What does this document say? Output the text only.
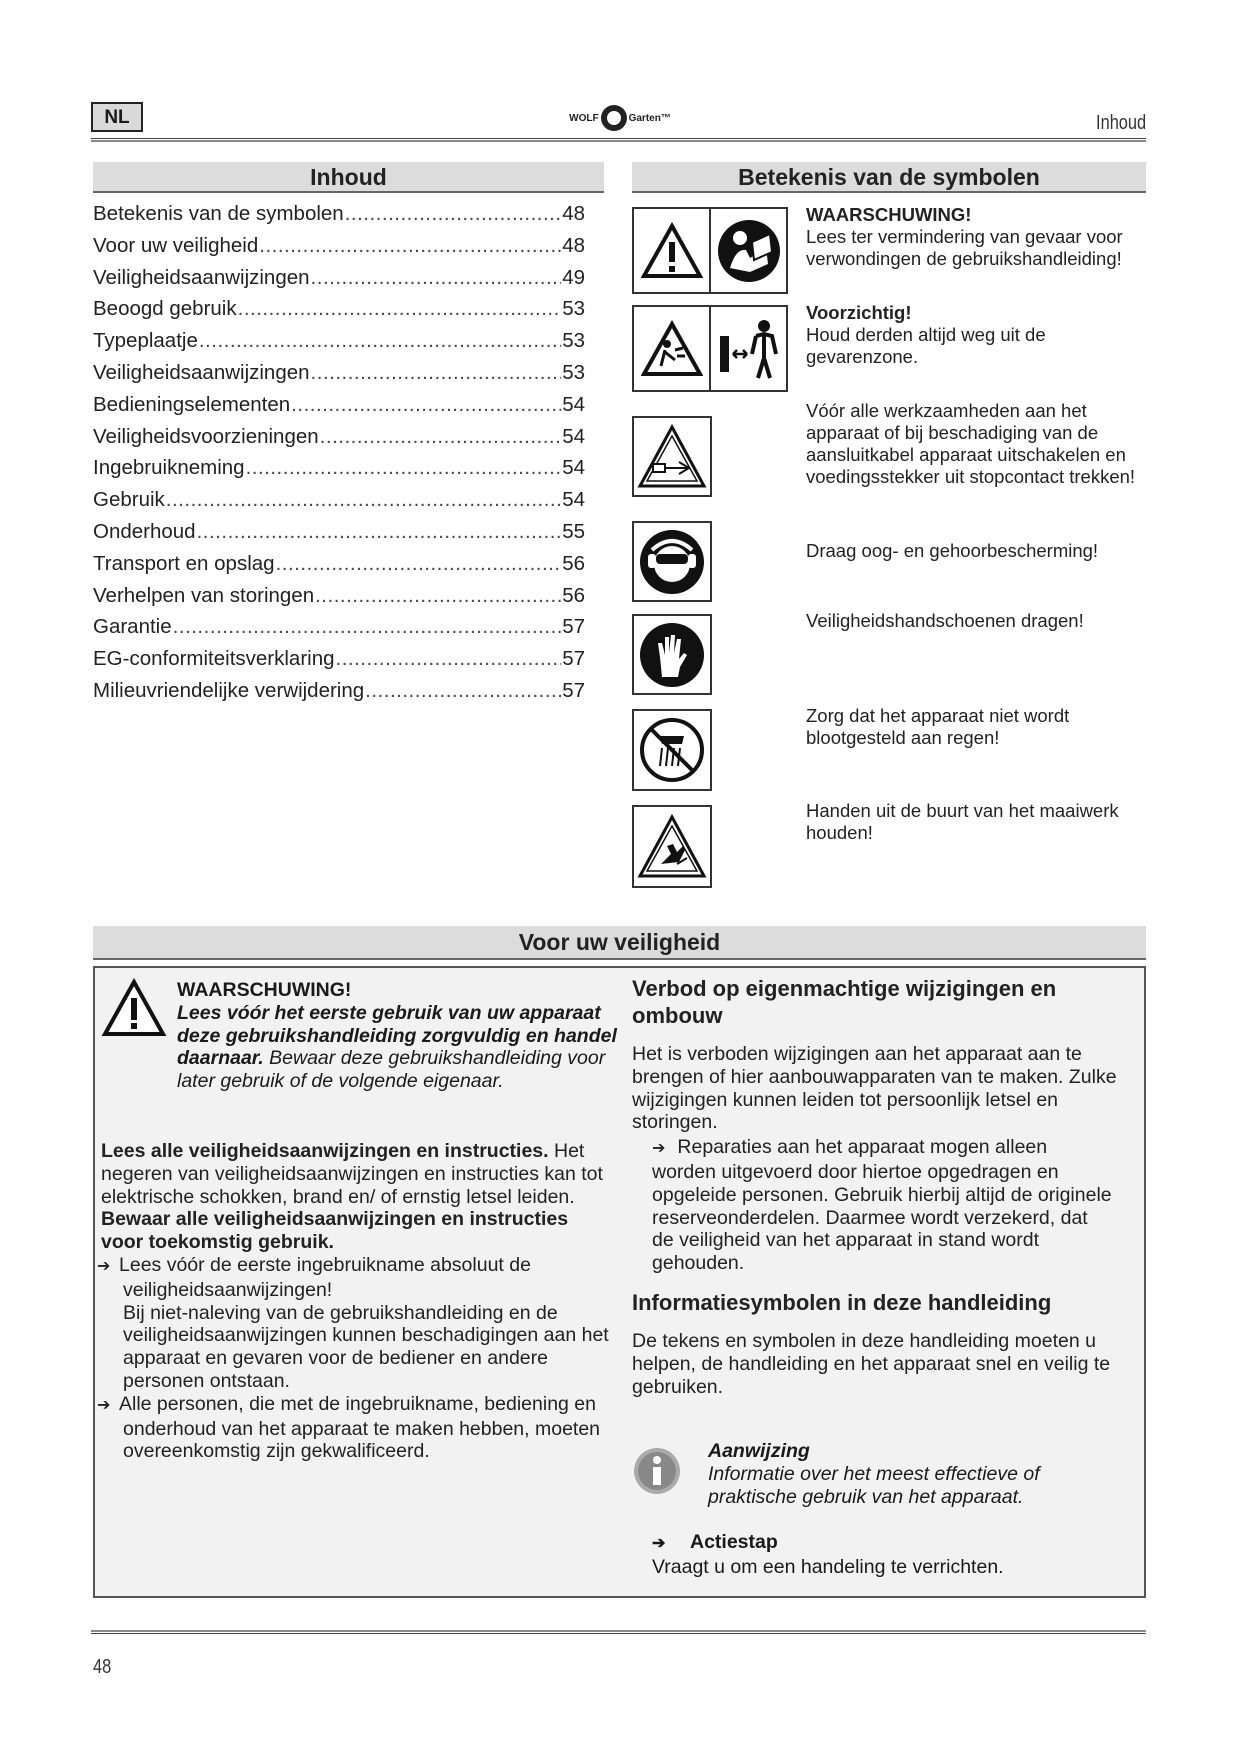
NL	WOLF	Garten ™	Inhoud
Inhoud
Betekenis van de symbolen .....	48
Voor uw veiligheid .....	48
Veiligheidsaanwijzingen .....	49
Beoogd gebruik .....	53
Typeplaatje .....	53
Veiligheidsaanwijzingen .....	53
Bedieningselementen .....	54
Veiligheidsvoorzieningen .....	54
Ingebruikneming .....	54
Gebruik .....	54
Onderhoud .....	55
Transport en opslag .....	56
Verhelpen van storingen .....	56
Garantie .....	57
EG-conformiteitsverklaring .....	57
Milieuvriendelijke verwijdering .....	57
Betekenis van de symbolen
WAARSCHUWING!
Lees ter vermindering van gevaar voor verwondingen de gebruikshandleiding!
Voorzichtig!
Houd derden altijd weg uit de gevarenzone.
Vóór alle werkzaamheden aan het apparaat of bij beschadiging van de aansluitkabel apparaat uitschakelen en voedingsstekker uit stopcontact trekken!
Draag oog- en gehoorbescherming!
Veiligheidshandschoenen dragen!
Zorg dat het apparaat niet wordt blootgesteld aan regen!
Handen uit de buurt van het maaiwerk houden!
Voor uw veiligheid
WAARSCHUWING!
Lees vóór het eerste gebruik van uw apparaat deze gebruikshandleiding zorgvuldig en handel daarnaar. Bewaar deze gebruikshandleiding voor later gebruik of de volgende eigenaar.
Lees alle veiligheidsaanwijzingen en instructies. Het negeren van veiligheidsaanwijzingen en instructies kan tot elektrische schokken, brand en/ of ernstig letsel leiden.
Bewaar alle veiligheidsaanwijzingen en instructies voor toekomstig gebruik.
➔ Lees vóór de eerste ingebruikname absoluut de veiligheidsaanwijzingen!
Bij niet-naleving van de gebruikshandleiding en de veiligheidsaanwijzingen kunnen beschadigingen aan het apparaat en gevaren voor de bediener en andere personen ontstaan.
➔ Alle personen, die met de ingebruikname, bediening en onderhoud van het apparaat te maken hebben, moeten overeenkomstig zijn gekwalificeerd.
Verbod op eigenmachtige wijzigingen en ombouw
Het is verboden wijzigingen aan het apparaat aan te brengen of hier aanbouwapparaten van te maken. Zulke wijzigingen kunnen leiden tot persoonlijk letsel en storingen.
➔ Reparaties aan het apparaat mogen alleen worden uitgevoerd door hiertoe opgedragen en opgeleide personen. Gebruik hierbij altijd de originele reserveonderdelen. Daarmee wordt verzekerd, dat de veiligheid van het apparaat in stand wordt gehouden.
Informatiesymbolen in deze handleiding
De tekens en symbolen in deze handleiding moeten u helpen, de handleiding en het apparaat snel en veilig te gebruiken.
Aanwijzing
Informatie over het meest effectieve of praktische gebruik van het apparaat.
➔ Actiestap
Vraagt u om een handeling te verrichten.
48
